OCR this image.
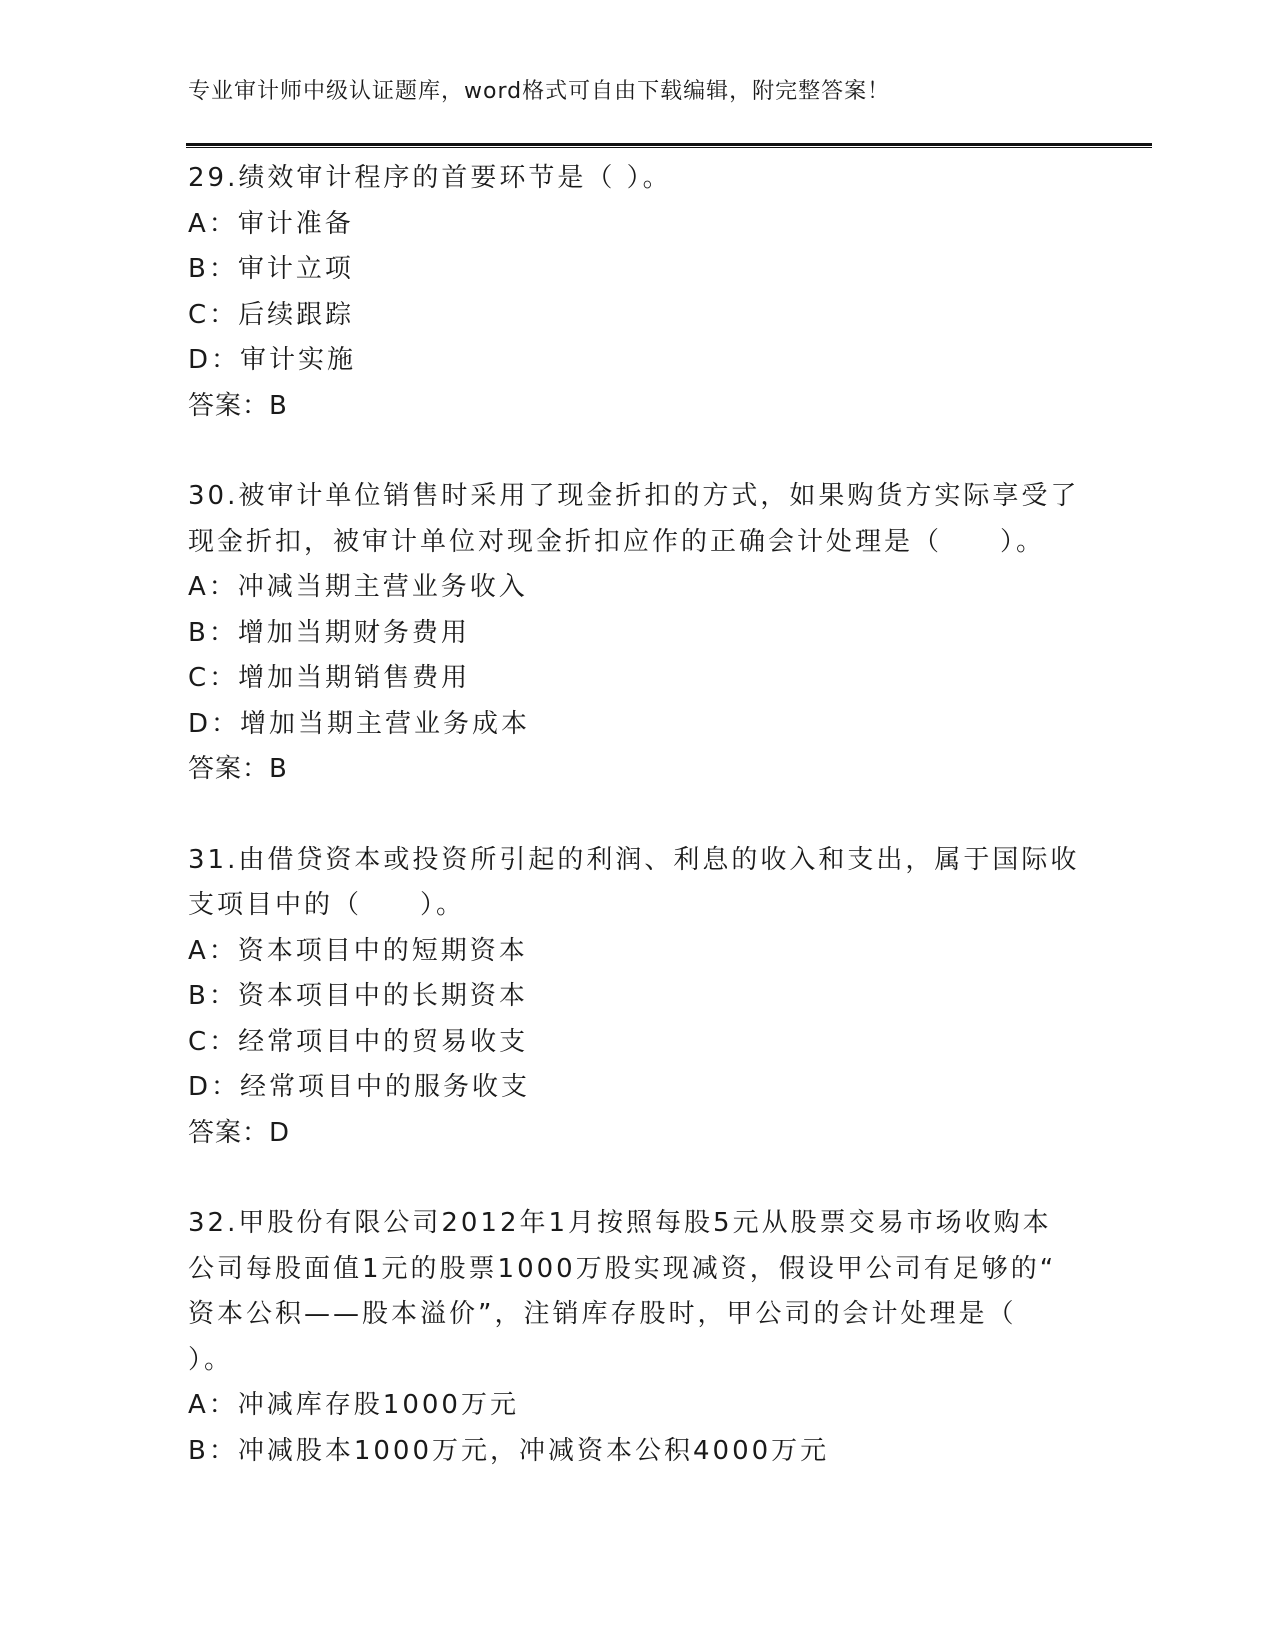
专业审计师中级认证题库，word格式可自由下载编辑，附完整答案！
29.绩效审计程序的首要环节是（ ）。
A：审计准备
B：审计立项
C：后续跟踪
D：审计实施
答案：B
30.被审计单位销售时采用了现金折扣的方式，如果购货方实际享受了
现金折扣，被审计单位对现金折扣应作的正确会计处理是（　　）。
A：冲减当期主营业务收入
B：增加当期财务费用
C：增加当期销售费用
D：增加当期主营业务成本
答案：B
31.由借贷资本或投资所引起的利润、利息的收入和支出，属于国际收
支项目中的（　　）。
A：资本项目中的短期资本
B：资本项目中的长期资本
C：经常项目中的贸易收支
D：经常项目中的服务收支
答案：D
32.甲股份有限公司2012年1月按照每股5元从股票交易市场收购本
公司每股面值1元的股票1000万股实现减资，假设甲公司有足够的“
资本公积——股本溢价”，注销库存股时，甲公司的会计处理是（
）。
A：冲减库存股1000万元
B：冲减股本1000万元，冲减资本公积4000万元
